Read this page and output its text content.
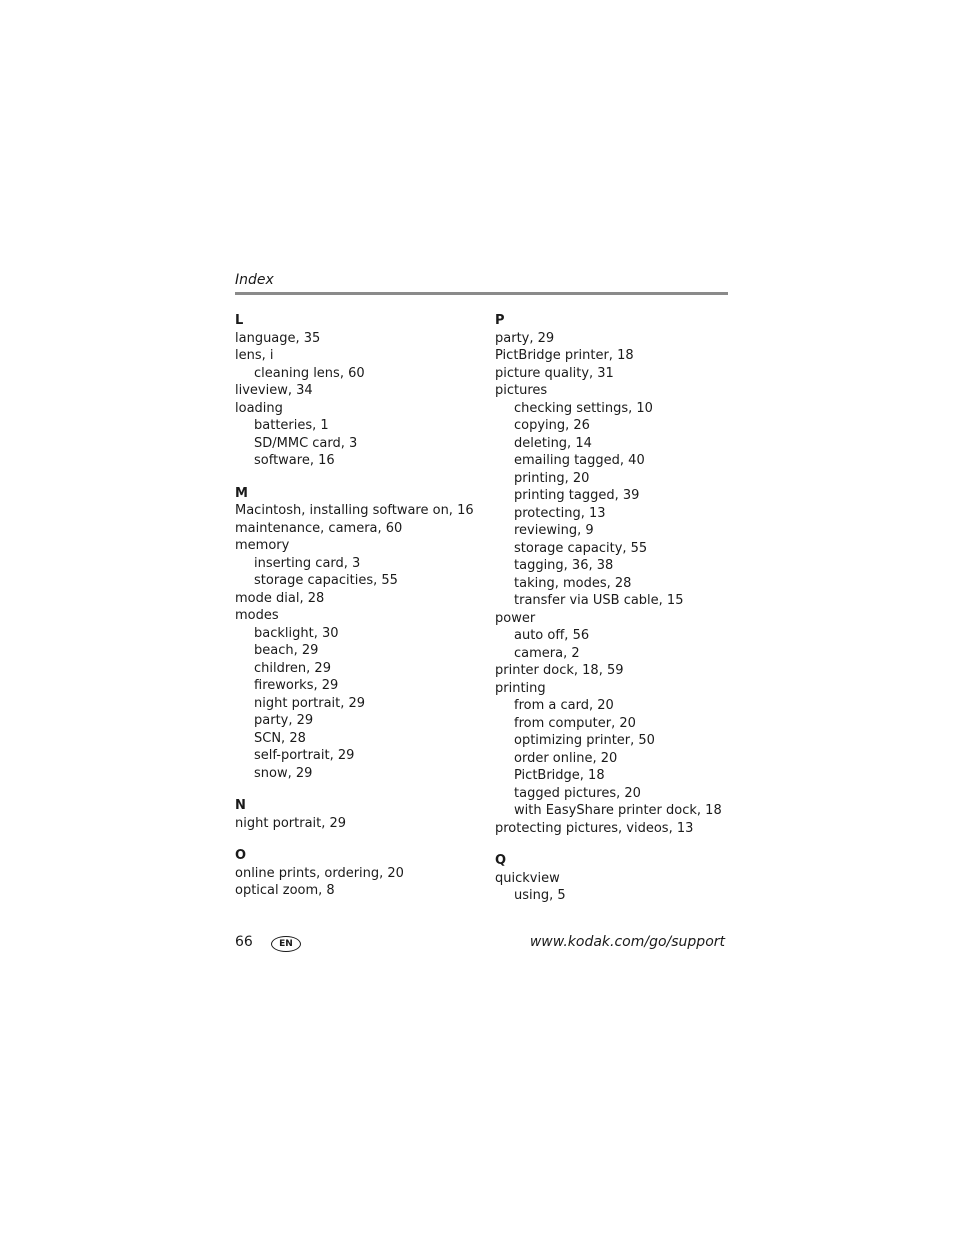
Index
L
language, 35
lens, i
cleaning lens, 60
liveview, 34
loading
batteries, 1
SD/MMC card, 3
software, 16
M
Macintosh, installing software on, 16
maintenance, camera, 60
memory
inserting card, 3
storage capacities, 55
mode dial, 28
modes
backlight, 30
beach, 29
children, 29
fireworks, 29
night portrait, 29
party, 29
SCN, 28
self-portrait, 29
snow, 29
N
night portrait, 29
O
online prints, ordering, 20
optical zoom, 8
P
party, 29
PictBridge printer, 18
picture quality, 31
pictures
checking settings, 10
copying, 26
deleting, 14
emailing tagged, 40
printing, 20
printing tagged, 39
protecting, 13
reviewing, 9
storage capacity, 55
tagging, 36, 38
taking, modes, 28
transfer via USB cable, 15
power
auto off, 56
camera, 2
printer dock, 18, 59
printing
from a card, 20
from computer, 20
optimizing printer, 50
order online, 20
PictBridge, 18
tagged pictures, 20
with EasyShare printer dock, 18
protecting pictures, videos, 13
Q
quickview
using, 5
66	EN	www.kodak.com/go/support
